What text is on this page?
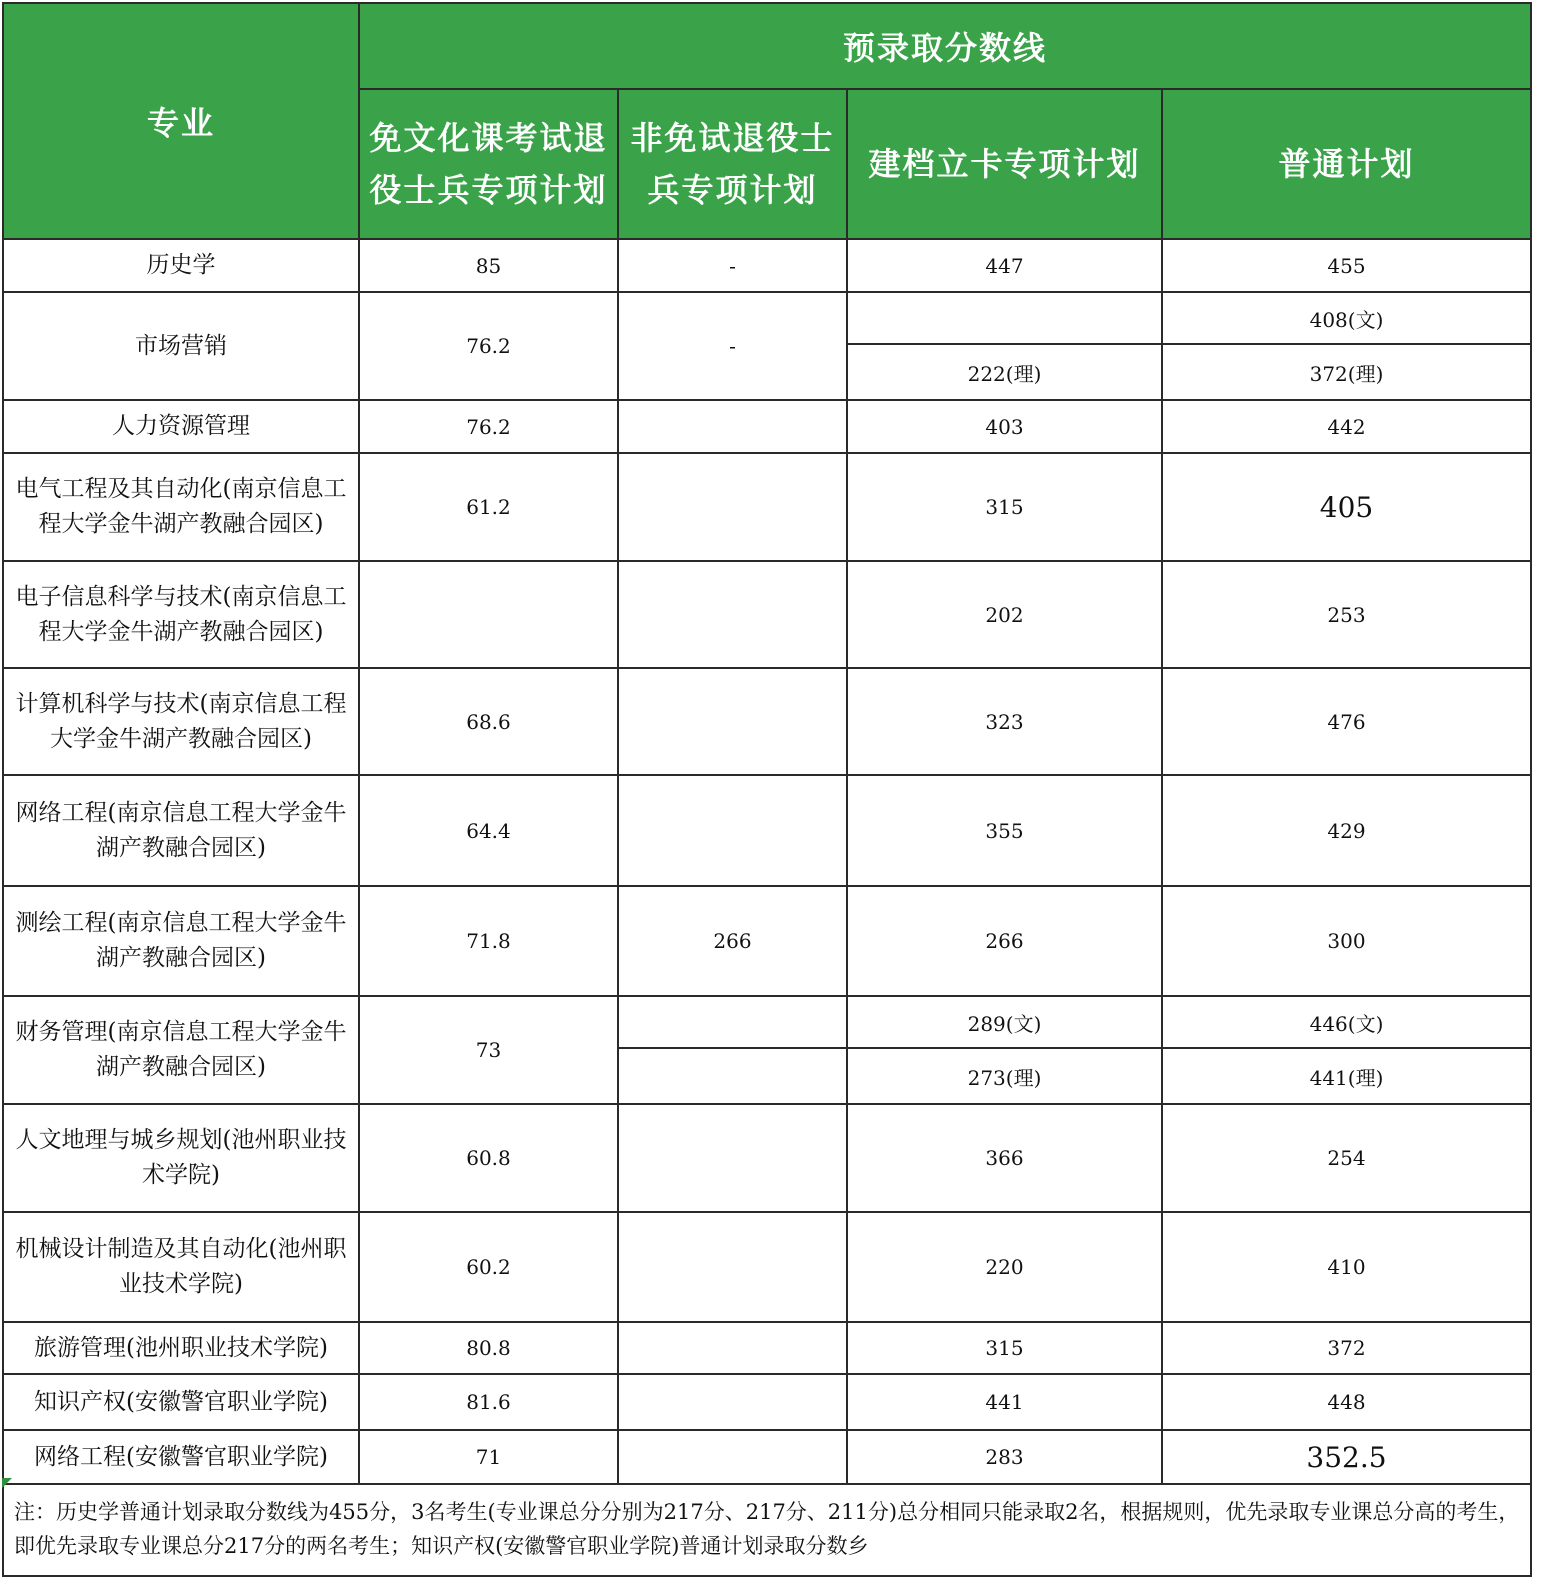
专业	预录取分数线			
	免文化课考试退役士兵专项计划	非免试退役士兵专项计划	建档立卡专项计划	普通计划
历史学	85	-	447	455
市场营销	76.2	-		408(文)
			222(理)	372(理)
人力资源管理	76.2		403	442
电气工程及其自动化(南京信息工程大学金牛湖产教融合园区)	61.2		315	405
电子信息科学与技术(南京信息工程大学金牛湖产教融合园区)			202	253
计算机科学与技术(南京信息工程大学金牛湖产教融合园区)	68.6		323	476
网络工程(南京信息工程大学金牛湖产教融合园区)	64.4		355	429
测绘工程(南京信息工程大学金牛湖产教融合园区)	71.8	266	266	300
财务管理(南京信息工程大学金牛湖产教融合园区)	73		289(文)	446(文)
			273(理)	441(理)
人文地理与城乡规划(池州职业技术学院)	60.8		366	254
机械设计制造及其自动化(池州职业技术学院)	60.2		220	410
旅游管理(池州职业技术学院)	80.8		315	372
知识产权(安徽警官职业学院)	81.6		441	448
网络工程(安徽警官职业学院)	71		283	352.5
注：历史学普通计划录取分数线为455分，3名考生(专业课总分分别为217分、217分、211分)总分相同只能录取2名，根据规则，优先录取专业课总分高的考生，即优先录取专业课总分217分的两名考生；知识产权(安徽警官职业学院)普通计划录取分数乡				
